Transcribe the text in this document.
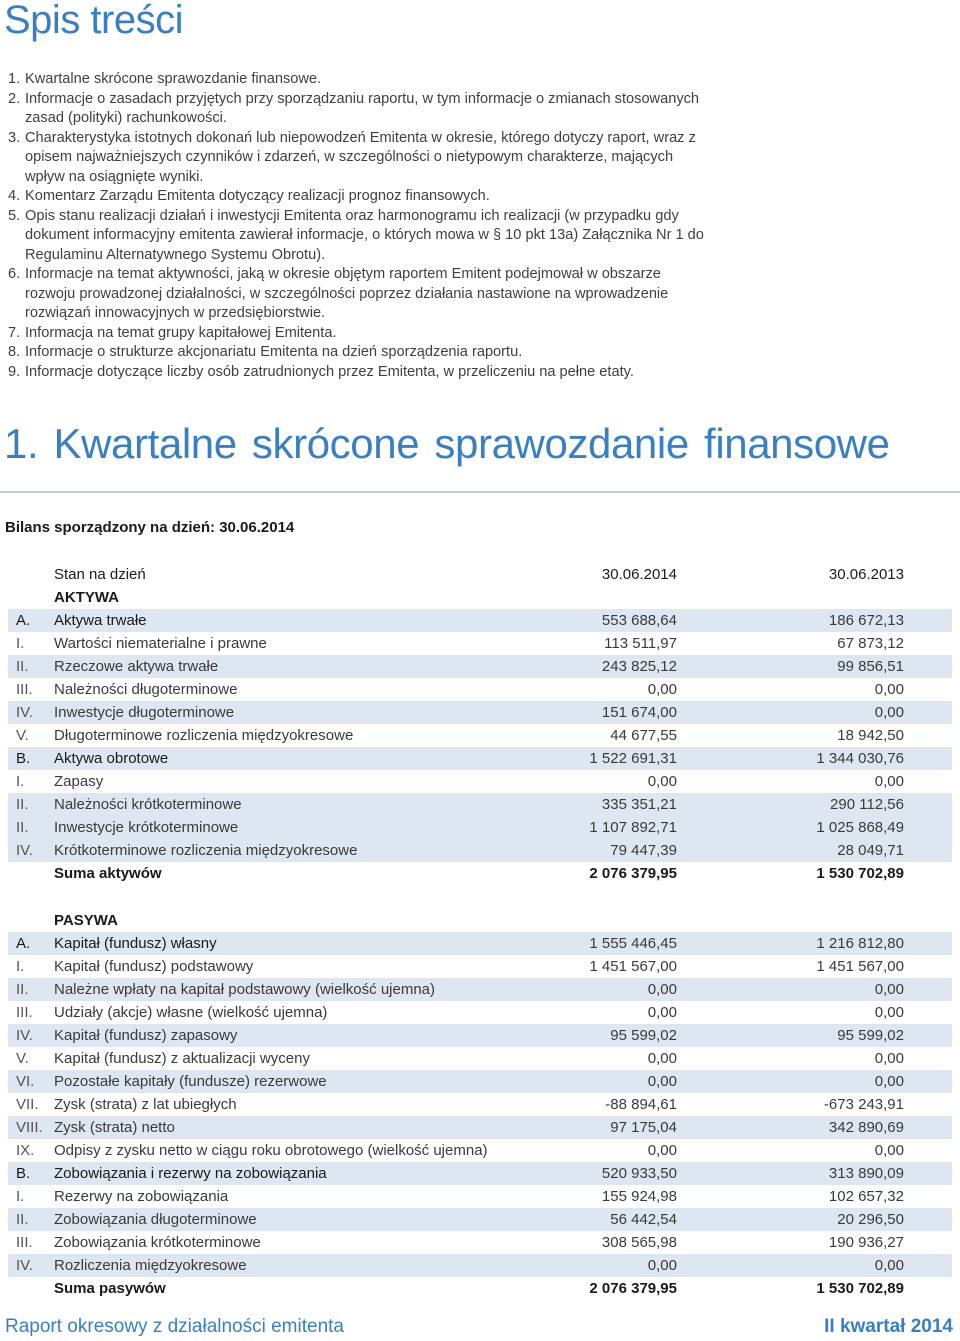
Spis treści
1. Kwartalne skrócone sprawozdanie finansowe.
2. Informacje o zasadach przyjętych przy sporządzaniu raportu, w tym informacje o zmianach stosowanych zasad (polityki) rachunkowości.
3. Charakterystyka istotnych dokonań lub niepowodzeń Emitenta w okresie, którego dotyczy raport, wraz z opisem najważniejszych czynników i zdarzeń, w szczególności o nietypowym charakterze, mających wpływ na osiągnięte wyniki.
4. Komentarz Zarządu Emitenta dotyczący realizacji prognoz finansowych.
5. Opis stanu realizacji działań i inwestycji Emitenta oraz harmonogramu ich realizacji (w przypadku gdy dokument informacyjny emitenta zawierał informacje, o których mowa w § 10 pkt 13a) Załącznika Nr 1 do Regulaminu Alternatywnego Systemu Obrotu).
6. Informacje na temat aktywności, jaką w okresie objętym raportem Emitent podejmował w obszarze rozwoju prowadzonej działalności, w szczególności poprzez działania nastawione na wprowadzenie rozwiązań innowacyjnych w przedsiębiorstwie.
7. Informacja na temat grupy kapitałowej Emitenta.
8. Informacje o strukturze akcjonariatu Emitenta na dzień sporządzenia raportu.
9. Informacje dotyczące liczby osób zatrudnionych przez Emitenta, w przeliczeniu na pełne etaty.
1. Kwartalne skrócone sprawozdanie finansowe
Bilans sporządzony na dzień: 30.06.2014
Stan na dzień	30.06.2014	30.06.2013
AKTYWA
A. Aktywa trwałe	553 688,64	186 672,13
I. Wartości niematerialne i prawne	113 511,97	67 873,12
II. Rzeczowe aktywa trwałe	243 825,12	99 856,51
III. Należności długoterminowe	0,00	0,00
IV. Inwestycje długoterminowe	151 674,00	0,00
V. Długoterminowe rozliczenia międzyokresowe	44 677,55	18 942,50
B. Aktywa obrotowe	1 522 691,31	1 344 030,76
I. Zapasy	0,00	0,00
II. Należności krótkoterminowe	335 351,21	290 112,56
II. Inwestycje krótkoterminowe	1 107 892,71	1 025 868,49
IV. Krótkoterminowe rozliczenia międzyokresowe	79 447,39	28 049,71
Suma aktywów	2 076 379,95	1 530 702,89
PASYWA
A. Kapitał (fundusz) własny	1 555 446,45	1 216 812,80
I. Kapitał (fundusz) podstawowy	1 451 567,00	1 451 567,00
II. Należne wpłaty na kapitał podstawowy (wielkość ujemna)	0,00	0,00
III. Udziały (akcje) własne (wielkość ujemna)	0,00	0,00
IV. Kapitał (fundusz) zapasowy	95 599,02	95 599,02
V. Kapitał (fundusz) z aktualizacji wyceny	0,00	0,00
VI. Pozostałe kapitały (fundusze) rezerwowe	0,00	0,00
VII. Zysk (strata) z lat ubiegłych	-88 894,61	-673 243,91
VIII. Zysk (strata) netto	97 175,04	342 890,69
IX. Odpisy z zysku netto w ciągu roku obrotowego (wielkość ujemna)	0,00	0,00
B. Zobowiązania i rezerwy na zobowiązania	520 933,50	313 890,09
I. Rezerwy na zobowiązania	155 924,98	102 657,32
II. Zobowiązania długoterminowe	56 442,54	20 296,50
III. Zobowiązania krótkoterminowe	308 565,98	190 936,27
IV. Rozliczenia międzyokresowe	0,00	0,00
Suma pasywów	2 076 379,95	1 530 702,89
Raport okresowy z działalności emitenta	II kwartał 2014
